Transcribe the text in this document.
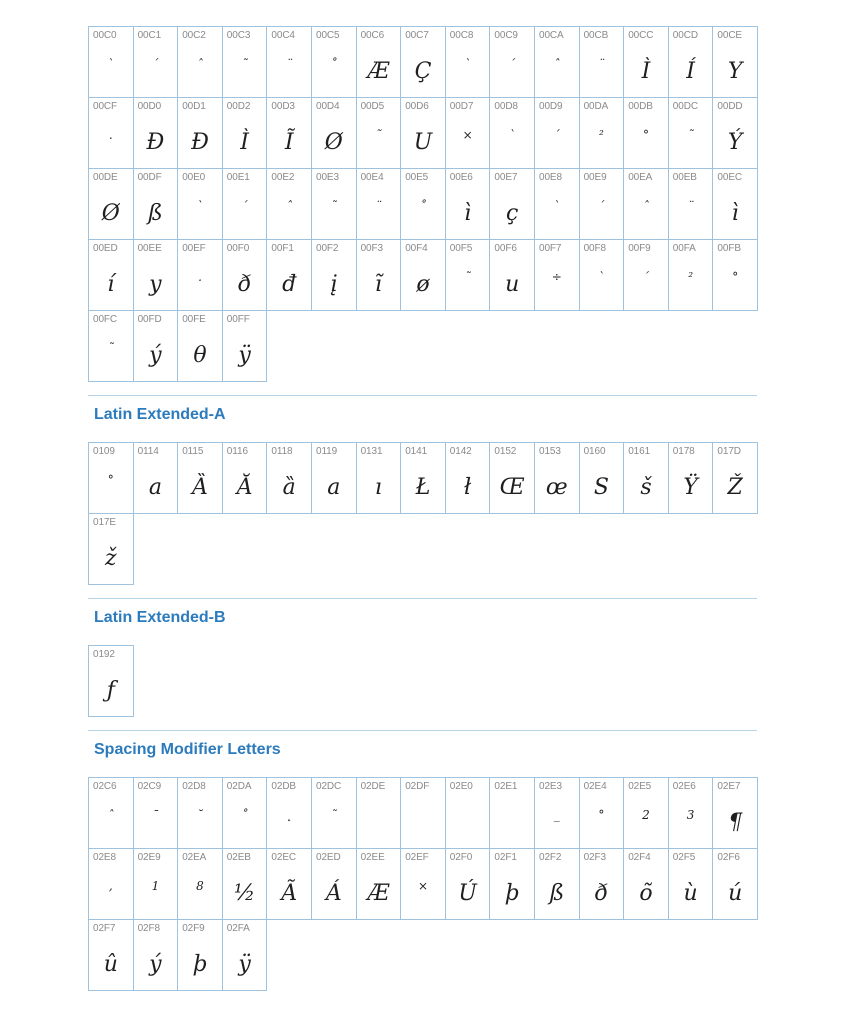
00C0
`
00C1
´
00C2
ˆ
00C3
˜
00C4
¨
00C5
˚
00C6
Æ
00C7
Ç
00C8
`
00C9
´
00CA
ˆ
00CB
¨
00CC
Ì
00CD
Í
00CE
Y
00CF
.
00D0
Ð
00D1
Ð
00D2
Ì
00D3
Ĩ
00D4
Ø
00D5
˜
00D6
U
00D7
×
00D8
`
00D9
´
00DA
²
00DB
°
00DC
˜
00DD
Ý
00DE
Ø
00DF
ß
00E0
`
00E1
´
00E2
ˆ
00E3
˜
00E4
¨
00E5
˚
00E6
ì
00E7
ç
00E8
`
00E9
´
00EA
ˆ
00EB
¨
00EC
ì
00ED
í
00EE
y
00EF
.
00F0
ð
00F1
đ
00F2
į
00F3
ĩ
00F4
ø
00F5
˜
00F6
u
00F7
÷
00F8
`
00F9
´
00FA
²
00FB
°
00FC
˜
00FD
ý
00FE
θ
00FF
ÿ
Latin Extended-A
0109
°
0114
a
0115
Ȁ
0116
Ă
0118
ȁ
0119
a
0131
ı
0141
Ł
0142
ł
0152
Œ
0153
œ
0160
S
0161
š
0178
Ÿ
017D
Ž
017E
ž
Latin Extended-B
0192
ƒ
Spacing Modifier Letters
02C6
ˆ
02C9
ˉ
02D8
˘
02DA
˚
02DB
˛
02DC
˜
02DE 02DF 02E0 02E1 02E3
_
02E4
°
02E5
2
02E6
3
02E7
¶
02E8
,
02E9
1
02EA
8
02EB
½
02EC
Ã
02ED
Á
02EE
Æ
02EF
×
02F0
Ú
02F1
þ
02F2
ß
02F3
ð
02F4
õ
02F5
ù
02F6
ú
02F7
û
02F8
ý
02F9
þ
02FA
ÿ
